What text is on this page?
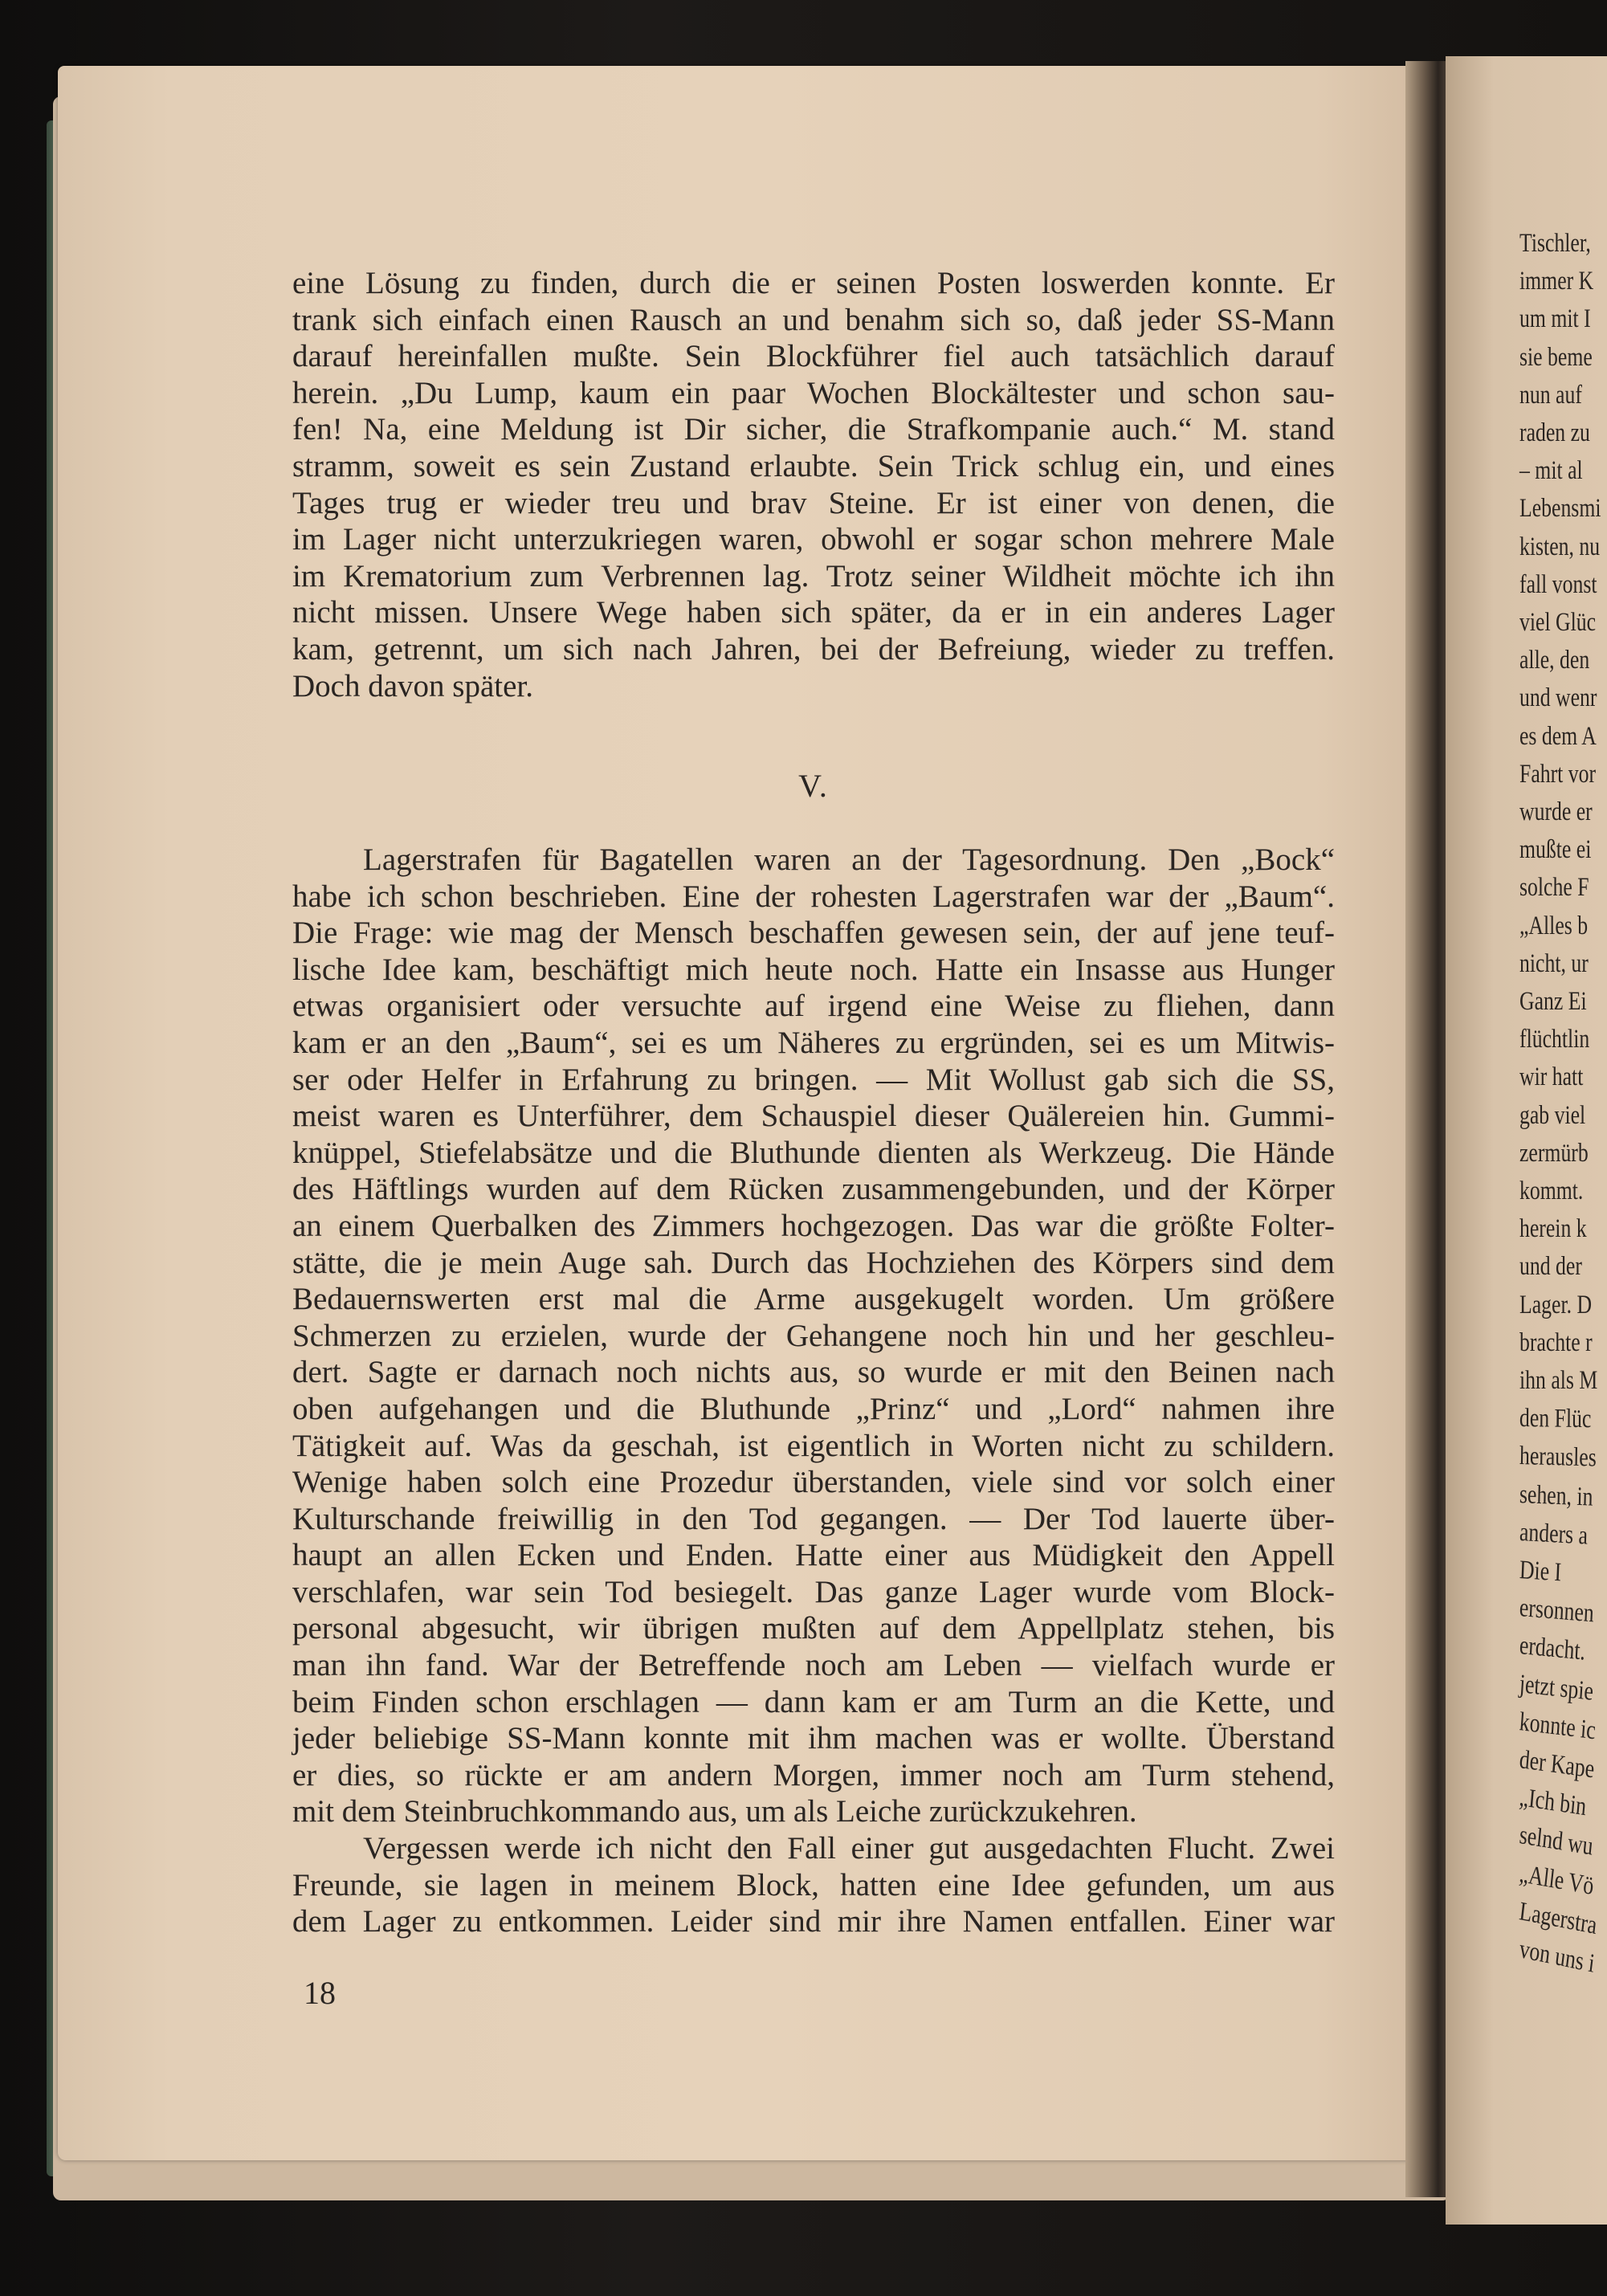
Tischler,
immer K
um mit I
sie beme
nun auf
raden zu
– mit al
Lebensmi
kisten, nu
fall vonst
viel Glüc
alle, den
und wenr
es dem A
Fahrt vor
wurde er
mußte ei
solche F
„Alles b
nicht, ur
Ganz Ei
flüchtlin
wir hatt
gab viel
zermürb
kommt.
herein k
und der
Lager. D
brachte r
ihn als M
den Flüc
herausles
sehen, in
anders a
Die I
ersonnen
erdacht.
jetzt spie
konnte ic
der Kape
„Ich bin
selnd wu
„Alle Vö
Lagerstra
von uns i
eine Lösung zu finden, durch die er seinen Posten loswerden konnte. Er
trank sich einfach einen Rausch an und benahm sich so, daß jeder SS-Mann
darauf hereinfallen mußte. Sein Blockführer fiel auch tatsächlich darauf
herein. „Du Lump, kaum ein paar Wochen Blockältester und schon sau-
fen! Na, eine Meldung ist Dir sicher, die Strafkompanie auch.“ M. stand
stramm, soweit es sein Zustand erlaubte. Sein Trick schlug ein, und eines
Tages trug er wieder treu und brav Steine. Er ist einer von denen, die
im Lager nicht unterzukriegen waren, obwohl er sogar schon mehrere Male
im Krematorium zum Verbrennen lag. Trotz seiner Wildheit möchte ich ihn
nicht missen. Unsere Wege haben sich später, da er in ein anderes Lager
kam, getrennt, um sich nach Jahren, bei der Befreiung, wieder zu treffen.
Doch davon später.
V.
Lagerstrafen für Bagatellen waren an der Tagesordnung. Den „Bock“
habe ich schon beschrieben. Eine der rohesten Lagerstrafen war der „Baum“.
Die Frage: wie mag der Mensch beschaffen gewesen sein, der auf jene teuf-
lische Idee kam, beschäftigt mich heute noch. Hatte ein Insasse aus Hunger
etwas organisiert oder versuchte auf irgend eine Weise zu fliehen, dann
kam er an den „Baum“, sei es um Näheres zu ergründen, sei es um Mitwis-
ser oder Helfer in Erfahrung zu bringen. — Mit Wollust gab sich die SS,
meist waren es Unterführer, dem Schauspiel dieser Quälereien hin. Gummi-
knüppel, Stiefelabsätze und die Bluthunde dienten als Werkzeug. Die Hände
des Häftlings wurden auf dem Rücken zusammengebunden, und der Körper
an einem Querbalken des Zimmers hochgezogen. Das war die größte Folter-
stätte, die je mein Auge sah. Durch das Hochziehen des Körpers sind dem
Bedauernswerten erst mal die Arme ausgekugelt worden. Um größere
Schmerzen zu erzielen, wurde der Gehangene noch hin und her geschleu-
dert. Sagte er darnach noch nichts aus, so wurde er mit den Beinen nach
oben aufgehangen und die Bluthunde „Prinz“ und „Lord“ nahmen ihre
Tätigkeit auf. Was da geschah, ist eigentlich in Worten nicht zu schildern.
Wenige haben solch eine Prozedur überstanden, viele sind vor solch einer
Kulturschande freiwillig in den Tod gegangen. — Der Tod lauerte über-
haupt an allen Ecken und Enden. Hatte einer aus Müdigkeit den Appell
verschlafen, war sein Tod besiegelt. Das ganze Lager wurde vom Block-
personal abgesucht, wir übrigen mußten auf dem Appellplatz stehen, bis
man ihn fand. War der Betreffende noch am Leben — vielfach wurde er
beim Finden schon erschlagen — dann kam er am Turm an die Kette, und
jeder beliebige SS-Mann konnte mit ihm machen was er wollte. Überstand
er dies, so rückte er am andern Morgen, immer noch am Turm stehend,
mit dem Steinbruchkommando aus, um als Leiche zurückzukehren.
Vergessen werde ich nicht den Fall einer gut ausgedachten Flucht. Zwei
Freunde, sie lagen in meinem Block, hatten eine Idee gefunden, um aus
dem Lager zu entkommen. Leider sind mir ihre Namen entfallen. Einer war
18
